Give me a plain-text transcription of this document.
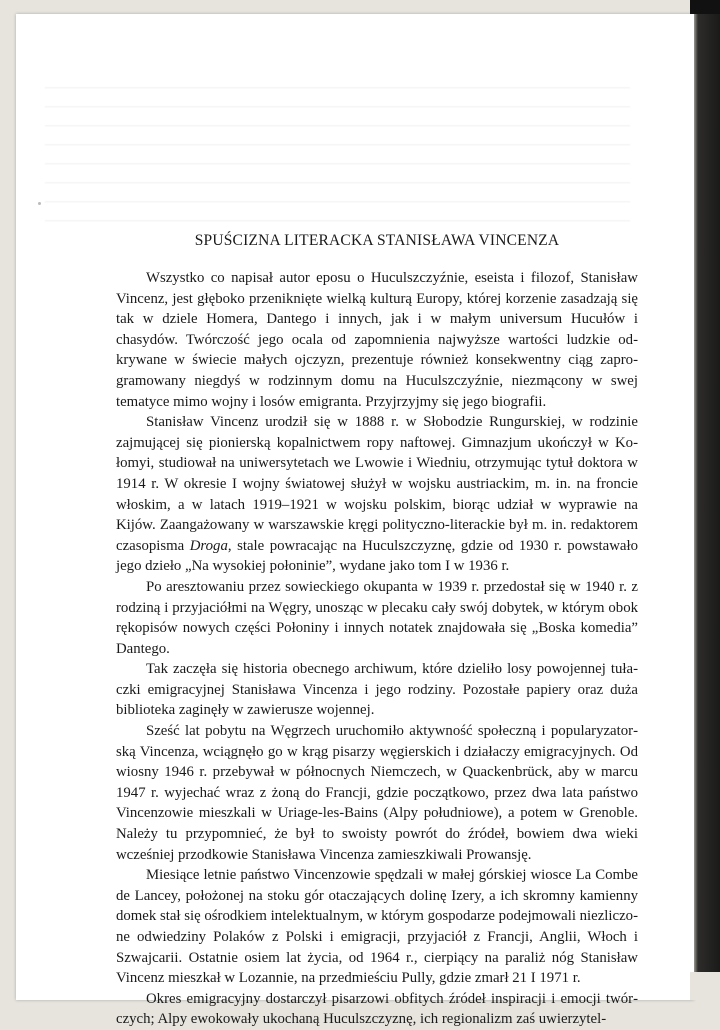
—————————————————————————————————————————————
—————————————————————————————————————————————
—————————————————————————————————————————————
—————————————————————————————————————————————
—————————————————————————————————————————————
—————————————————————————————————————————————
—————————————————————————————————————————————
—————————————————————————————————————————————
SPUŚCIZNA LITERACKA STANISŁAWA VINCENZA

Wszystko co napisał autor eposu o Huculszczyźnie, eseista i filozof, Stanisław Vincenz, jest głęboko przeniknięte wielką kulturą Europy, której korzenie zasadzają się tak w dziele Homera, Dantego i innych, jak i w małym universum Hucułów i chasydów. Twórczość jego ocala od zapomnienia najwyższe wartości ludzkie odkrywane w świecie małych ojczyzn, prezentuje również konsekwentny ciąg zaprogramowany niegdyś w rodzinnym domu na Huculszczyźnie, niezmącony w swej tematyce mimo wojny i losów emigranta. Przyjrzyjmy się jego biografii.

Stanisław Vincenz urodził się w 1888 r. w Słobodzie Rungurskiej, w rodzinie zajmującej się pionierską kopalnictwem ropy naftowej. Gimnazjum ukończył w Kołomyi, studiował na uniwersytetach we Lwowie i Wiedniu, otrzymując tytuł doktora w 1914 r. W okresie I wojny światowej służył w wojsku austriackim, m. in. na froncie włoskim, a w latach 1919–1921 w wojsku polskim, biorąc udział w wyprawie na Kijów. Zaangażowany w warszawskie kręgi polityczno-literackie był m. in. redaktorem czasopisma Droga, stale powracając na Huculszczyznę, gdzie od 1930 r. powstawało jego dzieło „Na wysokiej połoninie”, wydane jako tom I w 1936 r.

Po aresztowaniu przez sowieckiego okupanta w 1939 r. przedostał się w 1940 r. z rodziną i przyjaciółmi na Węgry, unosząc w plecaku cały swój dobytek, w którym obok rękopisów nowych części Połoniny i innych notatek znajdowała się „Boska komedia” Dantego.

Tak zaczęła się historia obecnego archiwum, które dzieliło losy powojennej tułaczki emigracyjnej Stanisława Vincenza i jego rodziny. Pozostałe papiery oraz duża biblioteka zaginęły w zawierusze wojennej.

Sześć lat pobytu na Węgrzech uruchomiło aktywność społeczną i popularyzatorską Vincenza, wciągnęło go w krąg pisarzy węgierskich i działaczy emigracyjnych. Od wiosny 1946 r. przebywał w północnych Niemczech, w Quackenbrück, aby w marcu 1947 r. wyjechać wraz z żoną do Francji, gdzie początkowo, przez dwa lata państwo Vincenzowie mieszkali w Uriage-les-Bains (Alpy południowe), a potem w Grenoble. Należy tu przypomnieć, że był to swoisty powrót do źródeł, bowiem dwa wieki wcześniej przodkowie Stanisława Vincenza zamieszkiwali Prowansję.

Miesiące letnie państwo Vincenzowie spędzali w małej górskiej wiosce La Combe de Lancey, położonej na stoku gór otaczających dolinę Izery, a ich skromny kamienny domek stał się ośrodkiem intelektualnym, w którym gospodarze podejmowali niezliczone odwiedziny Polaków z Polski i emigracji, przyjaciół z Francji, Anglii, Włoch i Szwajcarii. Ostatnie osiem lat życia, od 1964 r., cierpiący na paraliż nóg Stanisław Vincenz mieszkał w Lozannie, na przedmieściu Pully, gdzie zmarł 21 I 1971 r.

Okres emigracyjny dostarczył pisarzowi obfitych źródeł inspiracji i emocji twórczych; Alpy ewokowały ukochaną Huculszczyznę, ich regionalizm zaś uwierzytel-
